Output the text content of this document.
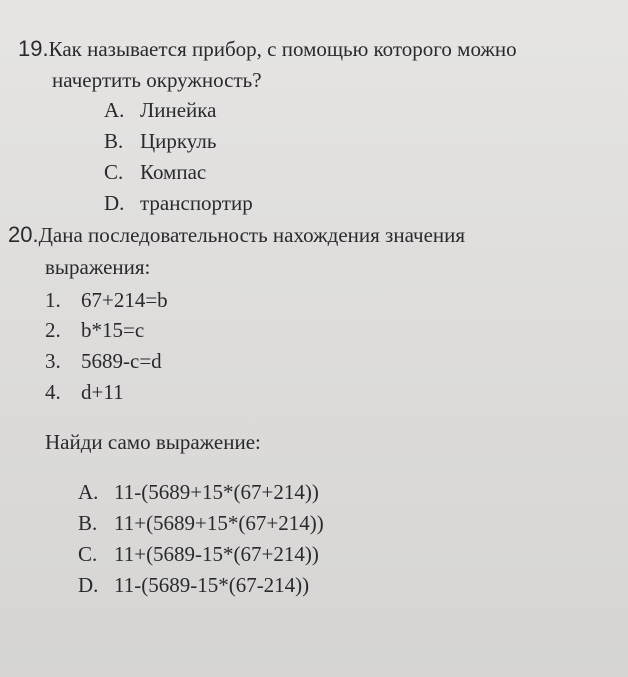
19.Как называется прибор, с помощью которого можно
начертить окружность?
A. Линейка
B. Циркуль
C. Компас
D. транспортир
20.Дана последовательность нахождения значения
выражения:
1. 67+214=b
2. b*15=c
3. 5689-c=d
4. d+11
Найди само выражение:
A. 11-(5689+15*(67+214))
B. 11+(5689+15*(67+214))
C. 11+(5689-15*(67+214))
D. 11-(5689-15*(67-214))
